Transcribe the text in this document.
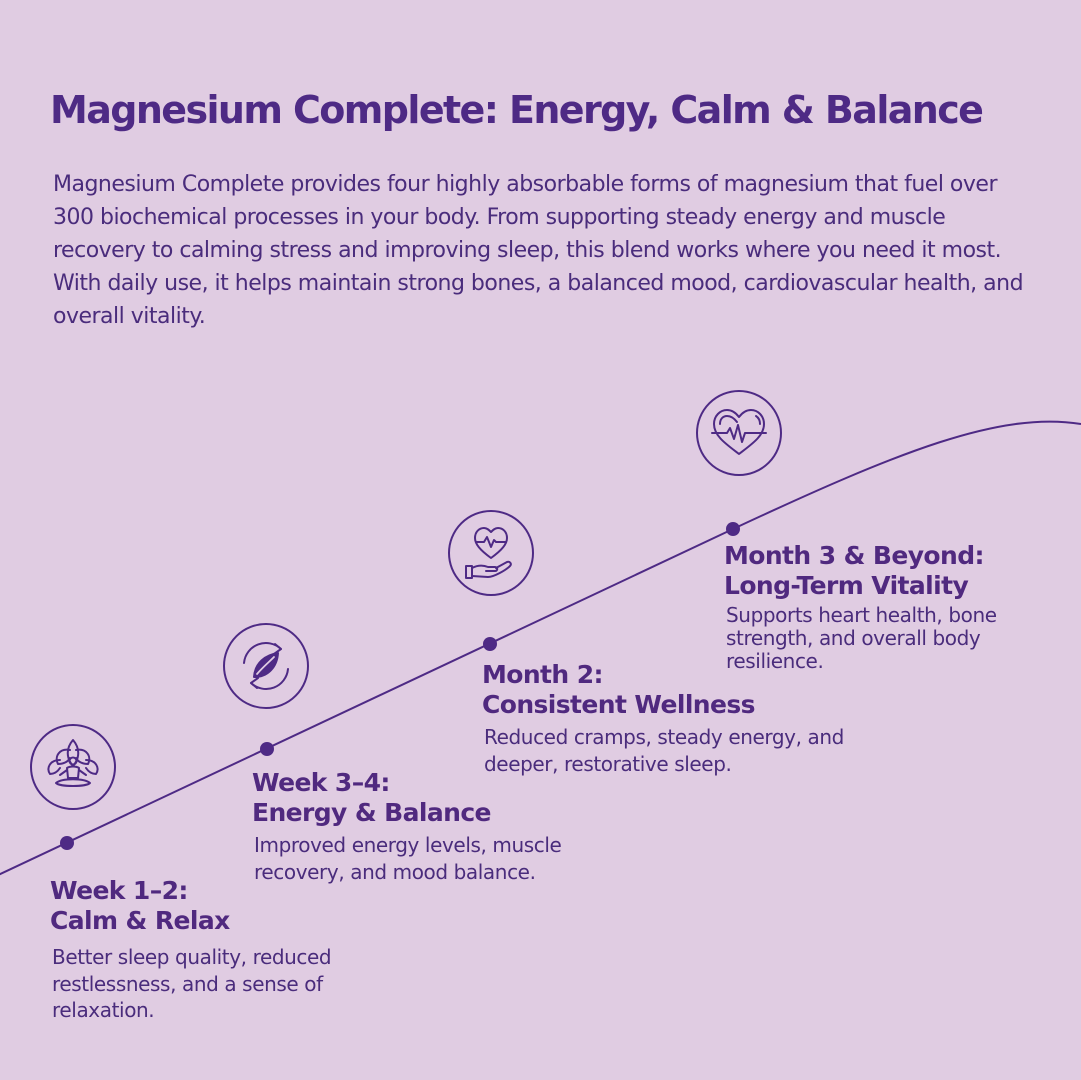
Magnesium Complete: Energy, Calm & Balance

Magnesium Complete provides four highly absorbable forms of magnesium that fuel over 300 biochemical processes in your body. From supporting steady energy and muscle recovery to calming stress and improving sleep, this blend works where you need it most. With daily use, it helps maintain strong bones, a balanced mood, cardiovascular health, and overall vitality.

Week 1–2:
Calm & Relax

Better sleep quality, reduced restlessness, and a sense of relaxation.

Week 3–4:
Energy & Balance

Improved energy levels, muscle recovery, and mood balance.

Month 2:
Consistent Wellness

Reduced cramps, steady energy, and deeper, restorative sleep.

Month 3 & Beyond:
Long-Term Vitality

Supports heart health, bone strength, and overall body resilience.
